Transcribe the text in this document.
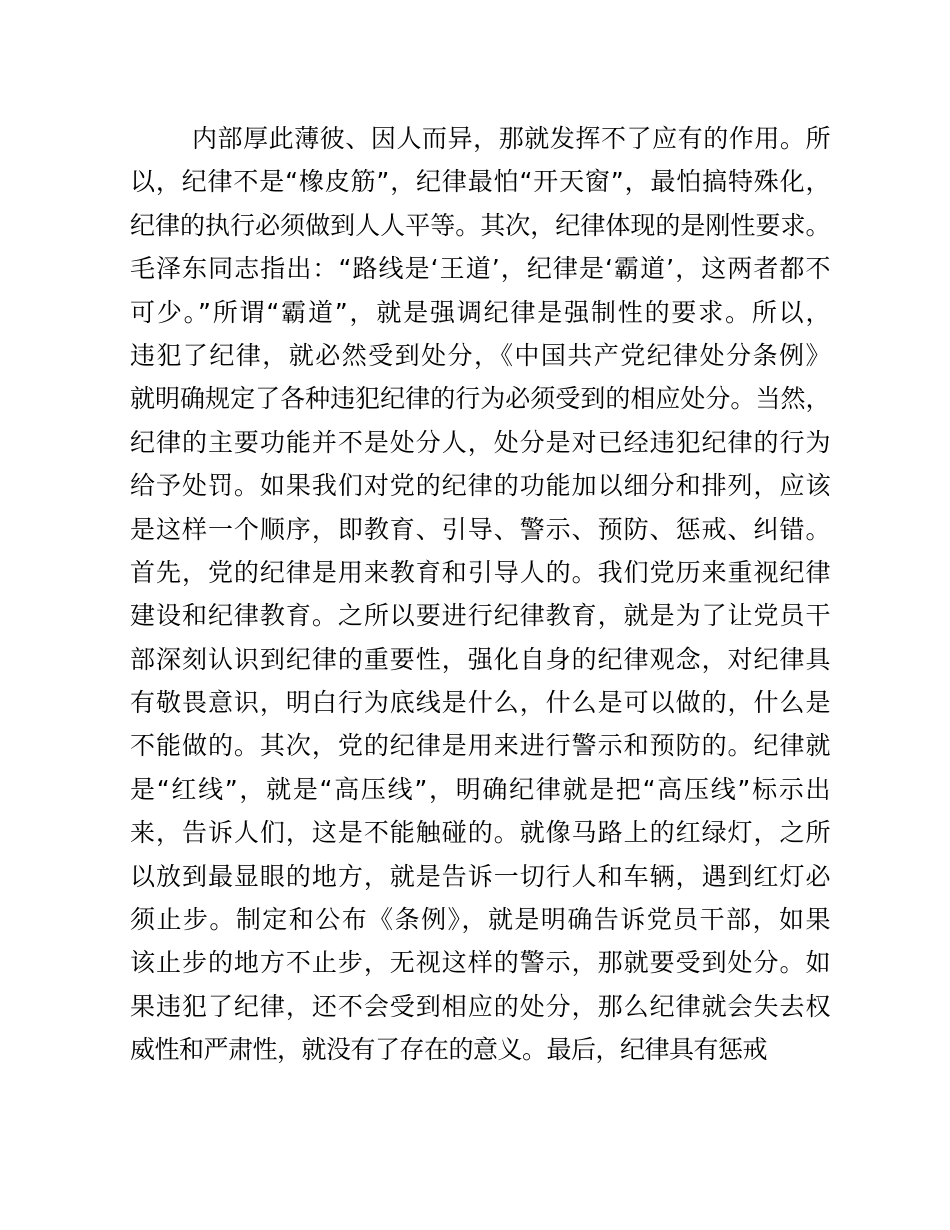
内部厚此薄彼、因人而异，那就发挥不了应有的作用。所
以，纪律不是“橡皮筋”，纪律最怕“开天窗”，最怕搞特殊化，
纪律的执行必须做到人人平等。其次，纪律体现的是刚性要求。
毛泽东同志指出：“路线是‘王道’，纪律是‘霸道’，这两者都不
可少。”所谓“霸道”，就是强调纪律是强制性的要求。所以，
违犯了纪律，就必然受到处分，《中国共产党纪律处分条例》
就明确规定了各种违犯纪律的行为必须受到的相应处分。当然，
纪律的主要功能并不是处分人，处分是对已经违犯纪律的行为
给予处罚。如果我们对党的纪律的功能加以细分和排列，应该
是这样一个顺序，即教育、引导、警示、预防、惩戒、纠错。
首先，党的纪律是用来教育和引导人的。我们党历来重视纪律
建设和纪律教育。之所以要进行纪律教育，就是为了让党员干
部深刻认识到纪律的重要性，强化自身的纪律观念，对纪律具
有敬畏意识，明白行为底线是什么，什么是可以做的，什么是
不能做的。其次，党的纪律是用来进行警示和预防的。纪律就
是“红线”，就是“高压线”，明确纪律就是把“高压线”标示出
来，告诉人们，这是不能触碰的。就像马路上的红绿灯，之所
以放到最显眼的地方，就是告诉一切行人和车辆，遇到红灯必
须止步。制定和公布《条例》，就是明确告诉党员干部，如果
该止步的地方不止步，无视这样的警示，那就要受到处分。如
果违犯了纪律，还不会受到相应的处分，那么纪律就会失去权
威性和严肃性，就没有了存在的意义。最后，纪律具有惩戒
